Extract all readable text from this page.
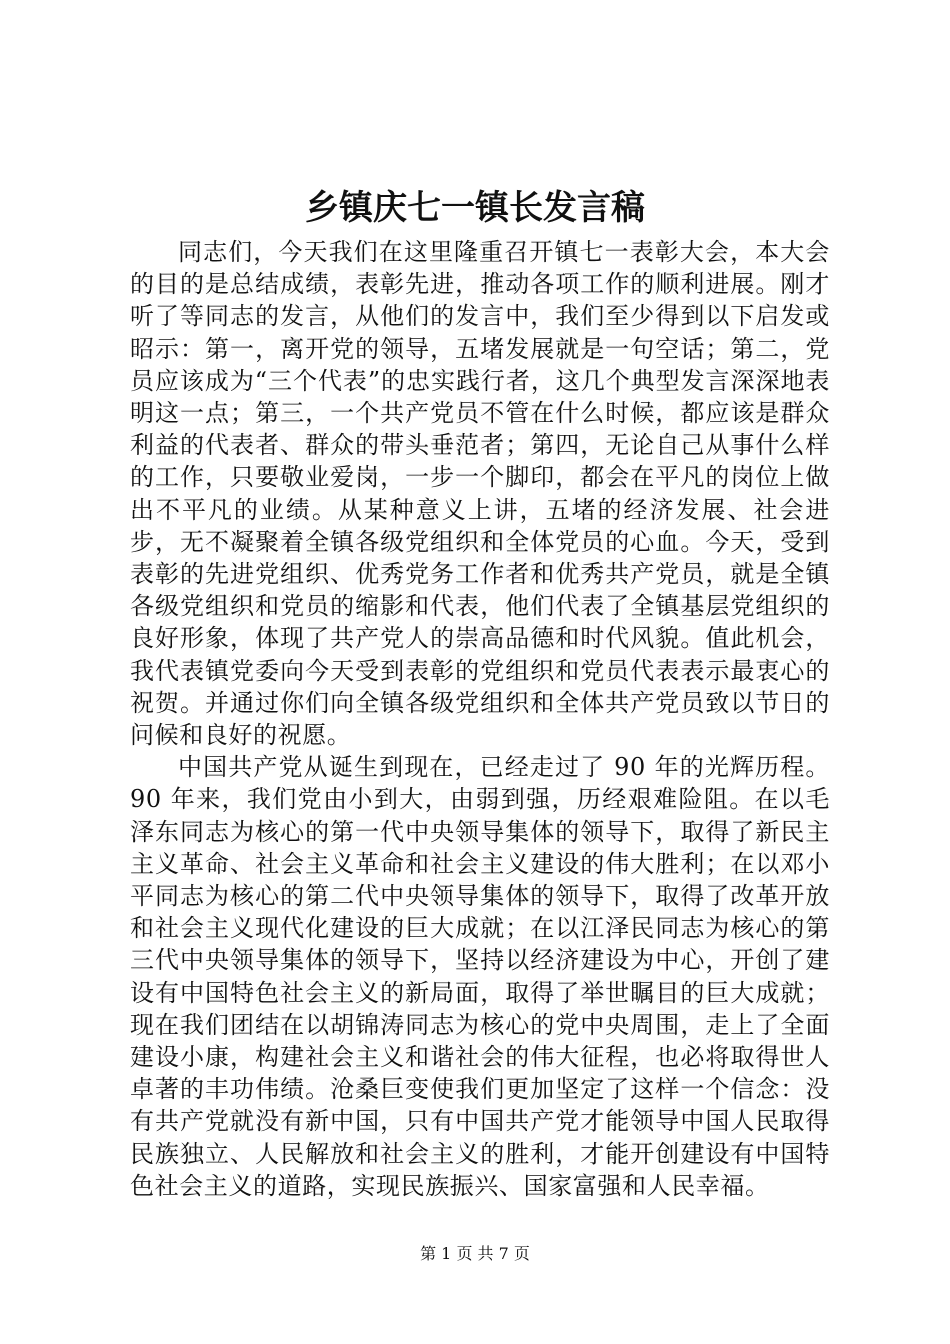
乡镇庆七一镇长发言稿

同志们，今天我们在这里隆重召开镇七一表彰大会，本大会的目的是总结成绩，表彰先进，推动各项工作的顺利进展。刚才听了等同志的发言，从他们的发言中，我们至少得到以下启发或昭示：第一，离开党的领导，五堵发展就是一句空话；第二，党员应该成为“三个代表”的忠实践行者，这几个典型发言深深地表明这一点；第三，一个共产党员不管在什么时候，都应该是群众利益的代表者、群众的带头垂范者；第四，无论自己从事什么样的工作，只要敬业爱岗，一步一个脚印，都会在平凡的岗位上做出不平凡的业绩。从某种意义上讲，五堵的经济发展、社会进步，无不凝聚着全镇各级党组织和全体党员的心血。今天，受到表彰的先进党组织、优秀党务工作者和优秀共产党员，就是全镇各级党组织和党员的缩影和代表，他们代表了全镇基层党组织的良好形象，体现了共产党人的崇高品德和时代风貌。值此机会，我代表镇党委向今天受到表彰的党组织和党员代表表示最衷心的祝贺。并通过你们向全镇各级党组织和全体共产党员致以节日的问候和良好的祝愿。

中国共产党从诞生到现在，已经走过了 90 年的光辉历程。90 年来，我们党由小到大，由弱到强，历经艰难险阻。在以毛泽东同志为核心的第一代中央领导集体的领导下，取得了新民主主义革命、社会主义革命和社会主义建设的伟大胜利；在以邓小平同志为核心的第二代中央领导集体的领导下，取得了改革开放和社会主义现代化建设的巨大成就；在以江泽民同志为核心的第三代中央领导集体的领导下，坚持以经济建设为中心，开创了建设有中国特色社会主义的新局面，取得了举世瞩目的巨大成就；现在我们团结在以胡锦涛同志为核心的党中央周围，走上了全面建设小康，构建社会主义和谐社会的伟大征程，也必将取得世人卓著的丰功伟绩。沧桑巨变使我们更加坚定了这样一个信念：没有共产党就没有新中国，只有中国共产党才能领导中国人民取得民族独立、人民解放和社会主义的胜利，才能开创建设有中国特色社会主义的道路，实现民族振兴、国家富强和人民幸福。

第 1 页 共 7 页
